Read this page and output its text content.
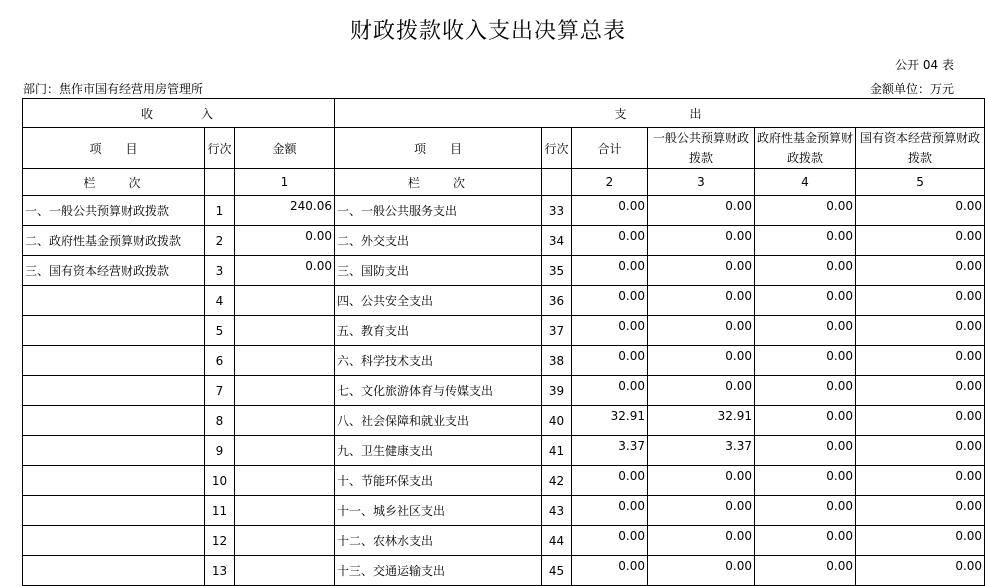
财政拨款收入支出决算总表
公开 04 表
部门：焦作市国有经营用房管理所	金额单位：万元
收　　　入			支　　　　出					
项　　目	行次	金额	项　　目	行次	合计	一般公共预算财政拨款	政府性基金预算财政拨款	国有资本经营预算财政拨款
栏　　次		1	栏　　次		2	3	4	5
一、一般公共预算财政拨款	1	240.06	一、一般公共服务支出	33	0.00	0.00	0.00	0.00
二、政府性基金预算财政拨款	2	0.00	二、外交支出	34	0.00	0.00	0.00	0.00
三、国有资本经营财政拨款	3	0.00	三、国防支出	35	0.00	0.00	0.00	0.00
	4		四、公共安全支出	36	0.00	0.00	0.00	0.00
	5		五、教育支出	37	0.00	0.00	0.00	0.00
	6		六、科学技术支出	38	0.00	0.00	0.00	0.00
	7		七、文化旅游体育与传媒支出	39	0.00	0.00	0.00	0.00
	8		八、社会保障和就业支出	40	32.91	32.91	0.00	0.00
	9		九、卫生健康支出	41	3.37	3.37	0.00	0.00
	10		十、节能环保支出	42	0.00	0.00	0.00	0.00
	11		十一、城乡社区支出	43	0.00	0.00	0.00	0.00
	12		十二、农林水支出	44	0.00	0.00	0.00	0.00
	13		十三、交通运输支出	45	0.00	0.00	0.00	0.00
